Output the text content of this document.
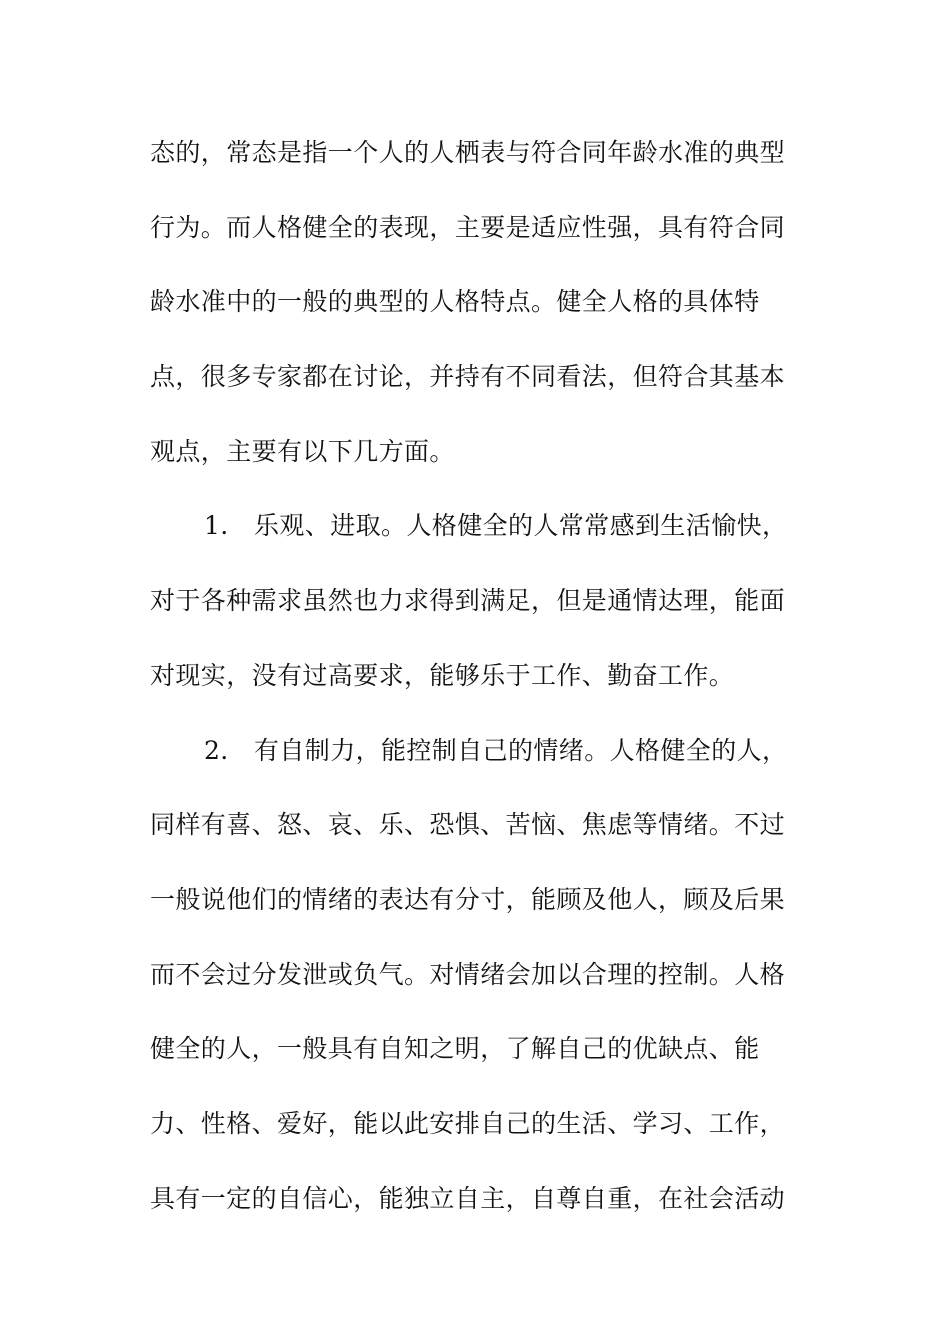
态的，常态是指一个人的人栖表与符合同年龄水准的典型
行为。而人格健全的表现，主要是适应性强，具有符合同
龄水准中的一般的典型的人格特点。健全人格的具体特
点，很多专家都在讨论，并持有不同看法，但符合其基本
观点，主要有以下几方面。
1. 乐观、进取。人格健全的人常常感到生活愉快，
对于各种需求虽然也力求得到满足，但是通情达理，能面
对现实，没有过高要求，能够乐于工作、勤奋工作。
2. 有自制力，能控制自己的情绪。人格健全的人，
同样有喜、怒、哀、乐、恐惧、苦恼、焦虑等情绪。不过
一般说他们的情绪的表达有分寸，能顾及他人，顾及后果
而不会过分发泄或负气。对情绪会加以合理的控制。人格
健全的人，一般具有自知之明，了解自己的优缺点、能
力、性格、爱好，能以此安排自己的生活、学习、工作，
具有一定的自信心，能独立自主，自尊自重，在社会活动
